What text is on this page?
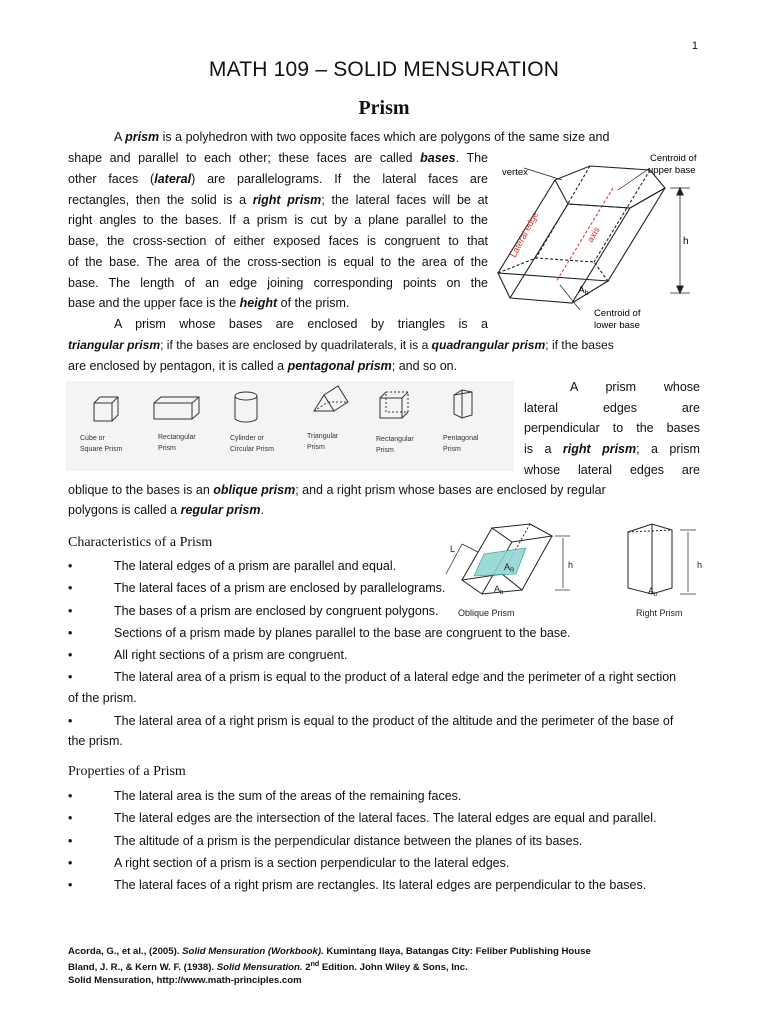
1
MATH 109 – SOLID MENSURATION
Prism
A prism is a polyhedron with two opposite faces which are polygons of the same size and
shape and parallel to each other; these faces are called bases. The
other faces (lateral) are parallelograms. If the lateral faces are
rectangles, then the solid is a right prism; the lateral faces will be at
right angles to the bases. If a prism is cut by a plane parallel to the
base, the cross-section of either exposed faces is congruent to that
of the base. The area of the cross-section is equal to the area of the
base. The length of an edge joining corresponding points on the
base and the upper face is the height of the prism.
A prism whose bases are enclosed by triangles is a
triangular prism; if the bases are enclosed by quadrilaterals, it is a quadrangular prism; if the bases
are enclosed by pentagon, it is called a pentagonal prism; and so on.
vertex
Centroid of
upper base
Lateral edge	axis	h
$A_b$
Centroid of
lower base
Cube or
Square Prism
Rectangular
Prism
Cylinder or
Circular Prism
Triangular
Prism
Rectangular
Prism
Pentagonal
Prism
A prism whose
lateral edges are
perpendicular to the bases
is a right prism; a prism
whose lateral edges are
oblique to the bases is an oblique prism; and a right prism whose bases are enclosed by regular
polygons is called a regular prism.
L
h
$A_R$
$A_b$
Oblique Prism
h
$A_b$
Right Prism
Characteristics of a Prism
•	The lateral edges of a prism are parallel and equal.
•	The lateral faces of a prism are enclosed by parallelograms.
•	The bases of a prism are enclosed by congruent polygons.
•	Sections of a prism made by planes parallel to the base are congruent to the base.
•	All right sections of a prism are congruent.
•	The lateral area of a prism is equal to the product of a lateral edge and the perimeter of a right section of the prism.
•	The lateral area of a right prism is equal to the product of the altitude and the perimeter of the base of the prism.
Properties of a Prism
•	The lateral area is the sum of the areas of the remaining faces.
•	The lateral edges are the intersection of the lateral faces. The lateral edges are equal and parallel.
•	The altitude of a prism is the perpendicular distance between the planes of its bases.
•	A right section of a prism is a section perpendicular to the lateral edges.
•	The lateral faces of a right prism are rectangles. Its lateral edges are perpendicular to the bases.
Acorda, G., et al., (2005). Solid Mensuration (Workbook). Kumintang Ilaya, Batangas City: Feliber Publishing House
Bland, J. R., & Kern W. F. (1938). Solid Mensuration. 2nd Edition. John Wiley & Sons, Inc.
Solid Mensuration, http://www.math-principles.com
